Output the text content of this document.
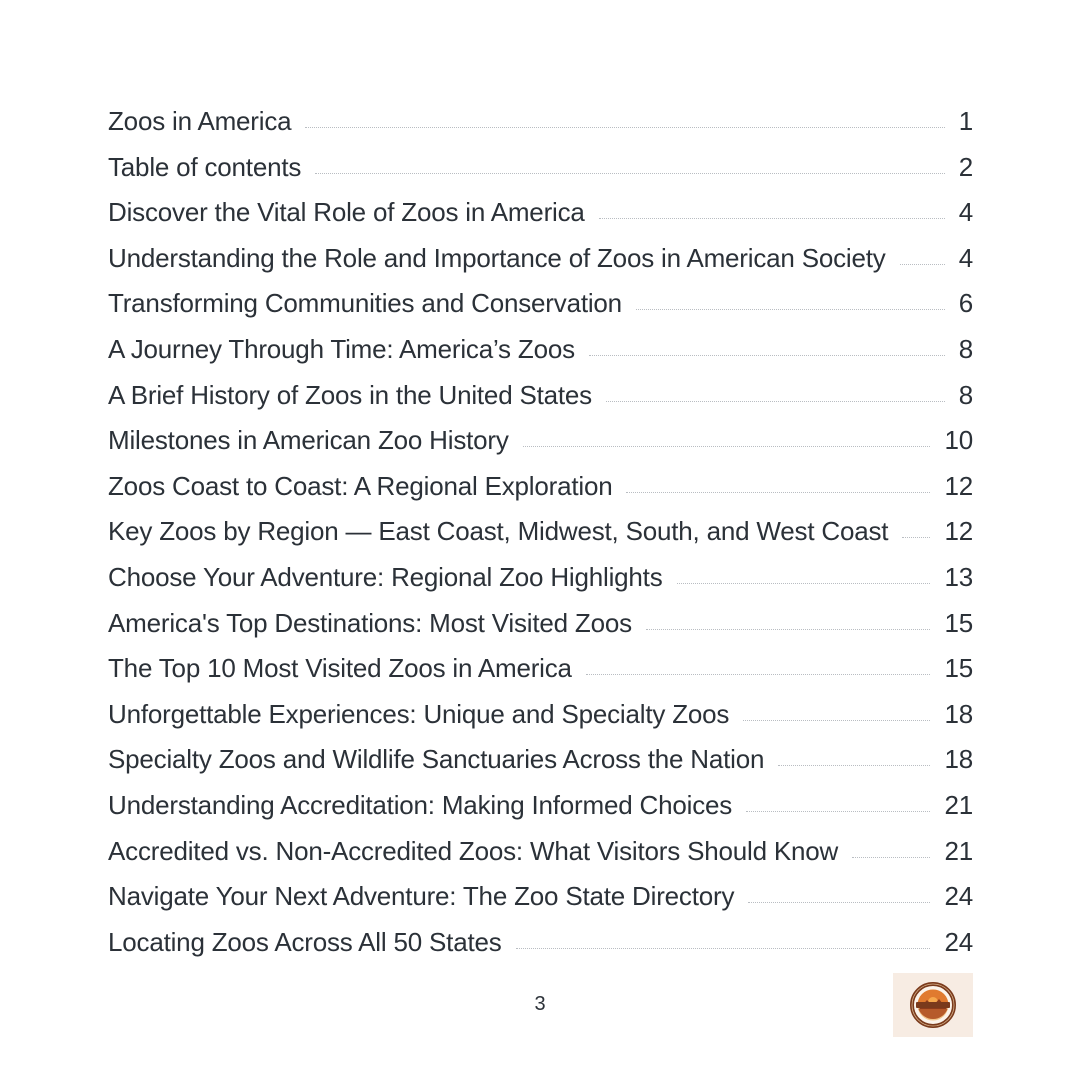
Zoos in America	1
Table of contents	2
Discover the Vital Role of Zoos in America	4
Understanding the Role and Importance of Zoos in American Society	4
Transforming Communities and Conservation	6
A Journey Through Time: America’s Zoos	8
A Brief History of Zoos in the United States	8
Milestones in American Zoo History	10
Zoos Coast to Coast: A Regional Exploration	12
Key Zoos by Region — East Coast, Midwest, South, and West Coast 12
Choose Your Adventure: Regional Zoo Highlights	13
America's Top Destinations: Most Visited Zoos	15
The Top 10 Most Visited Zoos in America	15
Unforgettable Experiences: Unique and Specialty Zoos	18
Specialty Zoos and Wildlife Sanctuaries Across the Nation	18
Understanding Accreditation: Making Informed Choices	21
Accredited vs. Non-Accredited Zoos: What Visitors Should Know	21
Navigate Your Next Adventure: The Zoo State Directory	24
Locating Zoos Across All 50 States	24
3
